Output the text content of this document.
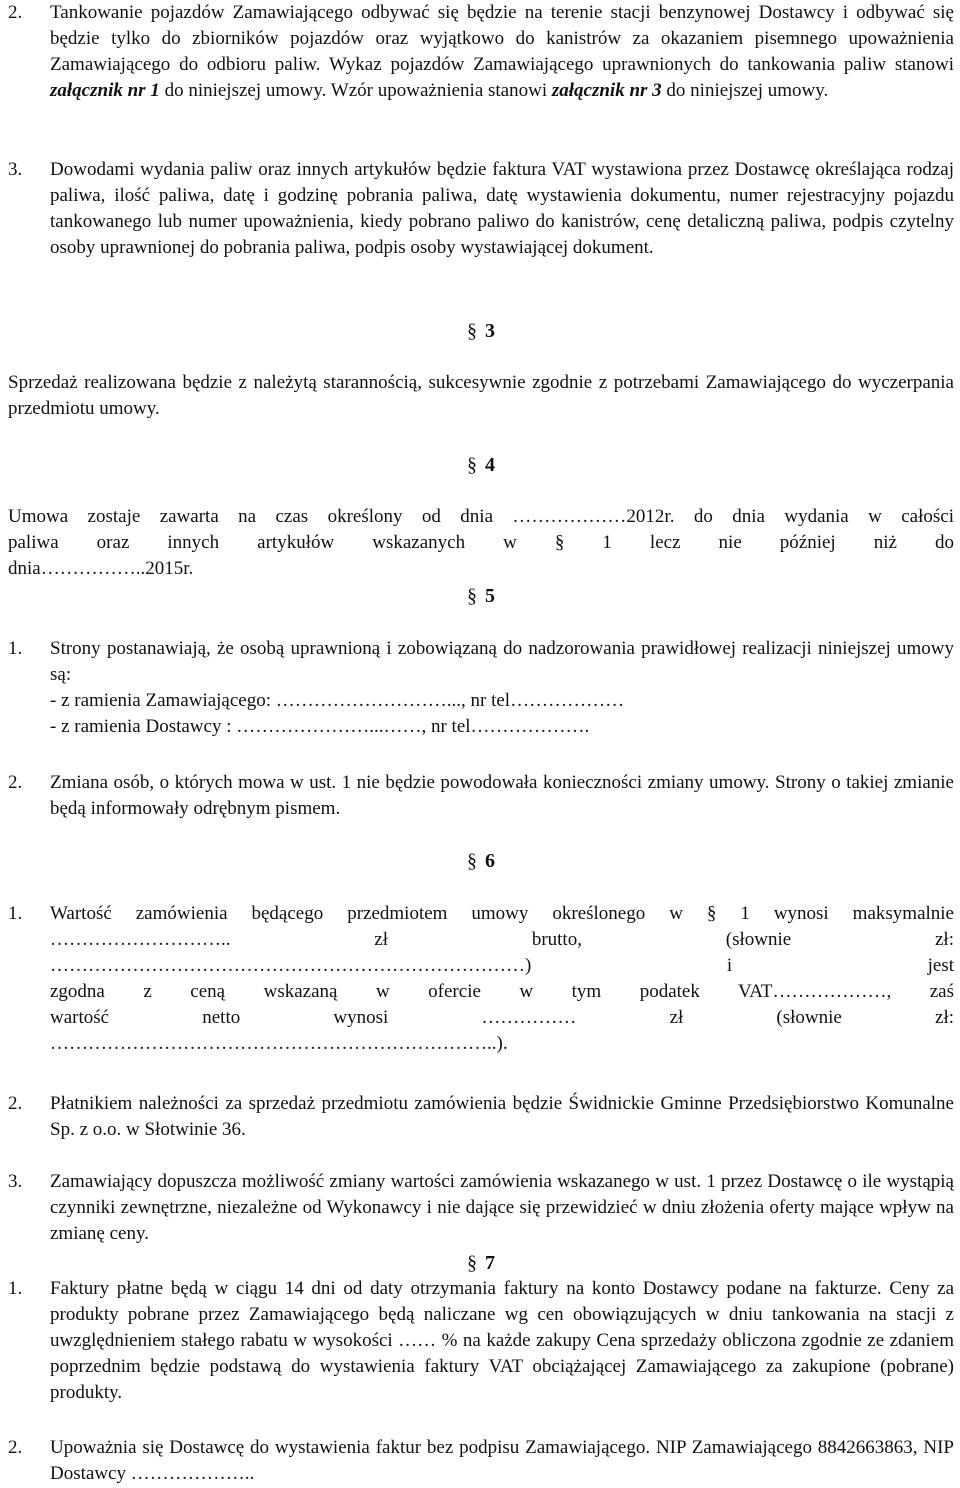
2.	Tankowanie pojazdów Zamawiającego odbywać się będzie na terenie stacji benzynowej Dostawcy i odbywać się będzie tylko do zbiorników pojazdów oraz wyjątkowo do kanistrów za okazaniem pisemnego upoważnienia Zamawiającego do odbioru paliw. Wykaz pojazdów Zamawiającego uprawnionych do tankowania paliw stanowi załącznik nr 1 do niniejszej umowy. Wzór upoważnienia stanowi załącznik nr 3 do niniejszej umowy.
3.	Dowodami wydania paliw oraz innych artykułów będzie faktura VAT wystawiona przez Dostawcę określająca rodzaj paliwa, ilość paliwa, datę i godzinę pobrania paliwa, datę wystawienia dokumentu, numer rejestracyjny pojazdu tankowanego lub numer upoważnienia, kiedy pobrano paliwo do kanistrów, cenę detaliczną paliwa, podpis czytelny osoby uprawnionej do pobrania paliwa, podpis osoby wystawiającej dokument.
§ 3
Sprzedaż realizowana będzie z należytą starannością, sukcesywnie zgodnie z potrzebami Zamawiającego do wyczerpania przedmiotu umowy.
§ 4
Umowa zostaje zawarta na czas określony od dnia ………………2012r. do dnia wydania w całości
paliwa oraz innych artykułów wskazanych w § 1 lecz nie później niż do
dnia……………..2015r.
§ 5
1.	Strony postanawiają, że osobą uprawnioną i zobowiązaną do nadzorowania prawidłowej realizacji niniejszej umowy są:
- z ramienia Zamawiającego: ………………………..., nr tel………………
- z ramienia Dostawcy : …………………...……, nr tel……………….
2.	Zmiana osób, o których mowa w ust. 1 nie będzie powodowała konieczności zmiany umowy. Strony o takiej zmianie będą informowały odrębnym pismem.
§ 6
1.	Wartość zamówienia będącego przedmiotem umowy określonego w § 1 wynosi maksymalnie
……………………….. zł brutto, (słownie zł:
…………………………………………………………………) i jest
zgodna z ceną wskazaną w ofercie w tym podatek VAT………………, zaś
wartość netto wynosi …………… zł (słownie zł:
……………………………………………………………..).
2.	Płatnikiem należności za sprzedaż przedmiotu zamówienia będzie Świdnickie Gminne Przedsiębiorstwo Komunalne Sp. z o.o. w Słotwinie 36.
3.	Zamawiający dopuszcza możliwość zmiany wartości zamówienia wskazanego w ust. 1 przez Dostawcę o ile wystąpią czynniki zewnętrzne, niezależne od Wykonawcy i nie dające się przewidzieć w dniu złożenia oferty mające wpływ na zmianę ceny.
§ 7
1.	Faktury płatne będą w ciągu 14 dni od daty otrzymania faktury na konto Dostawcy podane na fakturze. Ceny za produkty pobrane przez Zamawiającego będą naliczane wg cen obowiązujących w dniu tankowania na stacji z uwzględnieniem stałego rabatu w wysokości …… % na każde zakupy Cena sprzedaży obliczona zgodnie ze zdaniem poprzednim będzie podstawą do wystawienia faktury VAT obciążającej Zamawiającego za zakupione (pobrane) produkty.
2.	Upoważnia się Dostawcę do wystawienia faktur bez podpisu Zamawiającego. NIP Zamawiającego 8842663863, NIP Dostawcy ………………..
